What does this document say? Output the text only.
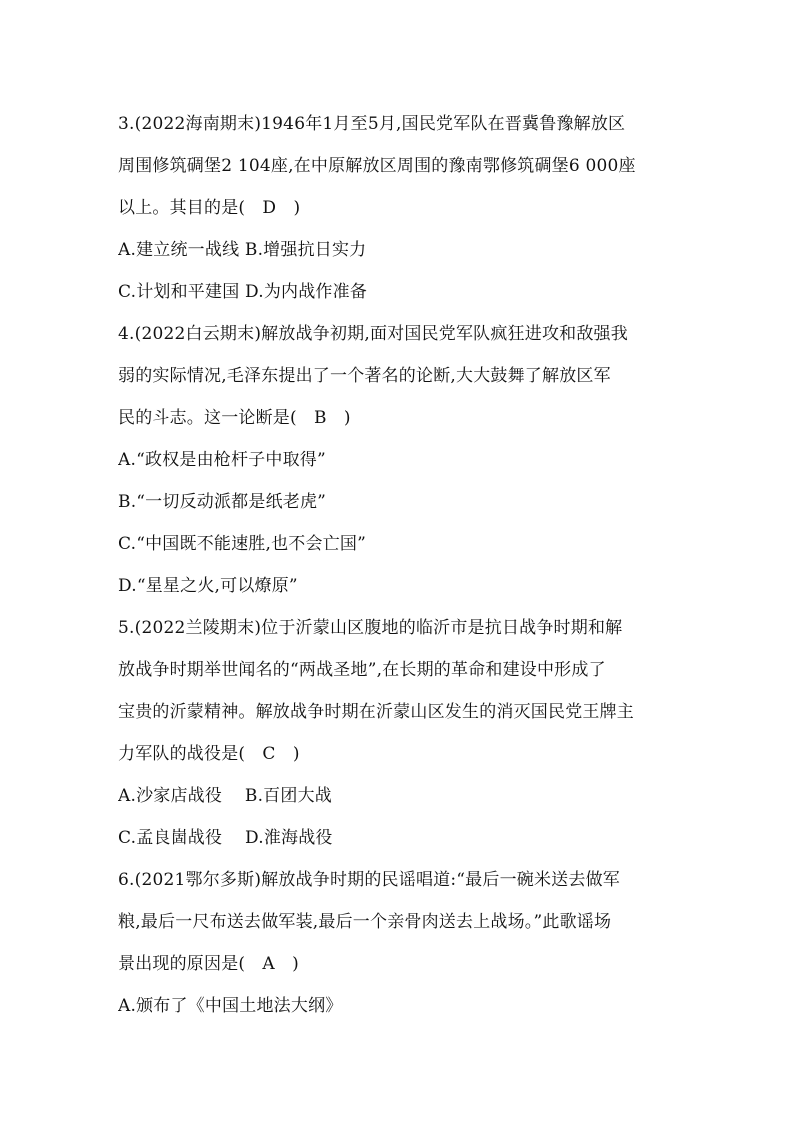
3.(2022海南期末)1946年1月至5月,国民党军队在晋冀鲁豫解放区
周围修筑碉堡2 104座,在中原解放区周围的豫南鄂修筑碉堡6 000座
以上。其目的是(　D　)
A.建立统一战线 B.增强抗日实力
C.计划和平建国 D.为内战作准备
4.(2022白云期末)解放战争初期,面对国民党军队疯狂进攻和敌强我
弱的实际情况,毛泽东提出了一个著名的论断,大大鼓舞了解放区军
民的斗志。这一论断是(　B　)
A.“政权是由枪杆子中取得”
B.“一切反动派都是纸老虎”
C.“中国既不能速胜,也不会亡国”
D.“星星之火,可以燎原”
5.(2022兰陵期末)位于沂蒙山区腹地的临沂市是抗日战争时期和解
放战争时期举世闻名的“两战圣地”,在长期的革命和建设中形成了
宝贵的沂蒙精神。解放战争时期在沂蒙山区发生的消灭国民党王牌主
力军队的战役是(　C　)
A.沙家店战役　 B.百团大战
C.孟良崮战役　 D.淮海战役
6.(2021鄂尔多斯)解放战争时期的民谣唱道:“最后一碗米送去做军
粮,最后一尺布送去做军装,最后一个亲骨肉送去上战场。”此歌谣场
景出现的原因是(　A　)
A.颁布了《中国土地法大纲》
